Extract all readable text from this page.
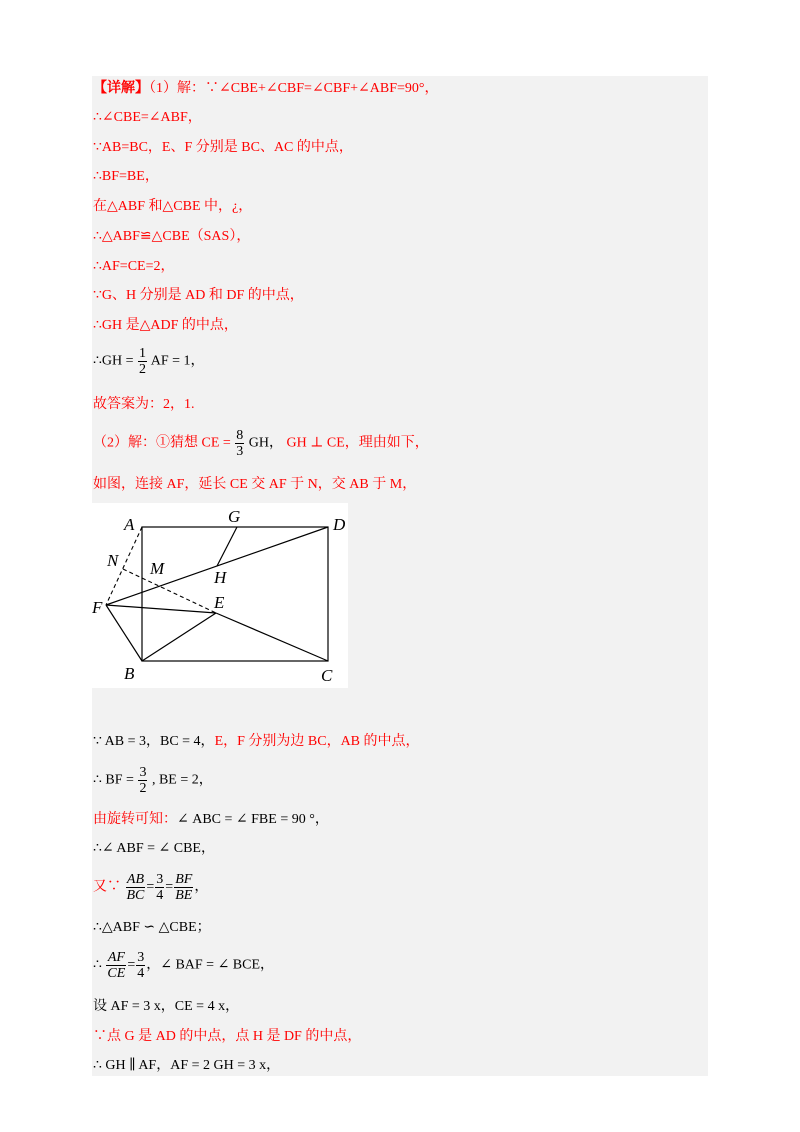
【详解】（1）解：∵∠CBE+∠CBF=∠CBF+∠ABF=90°，
∴∠CBE=∠ABF，
∵AB=BC，E、F 分别是 BC、AC 的中点，
∴BF=BE，
在△ABF 和△CBE 中，¿，
∴△ABF≌△CBE（SAS），
∴AF=CE=2，
∵G、H 分别是 AD 和 DF 的中点，
∴GH 是△ADF 的中点，
∴GH = $\frac{1}{2}$ AF = 1，
故答案为：2，1.
（2）解：①猜想 CE = $\frac{8}{3}$ GH， GH ⊥ CE，理由如下，
如图，连接 AF，延长 CE 交 AF 于 N，交 AB 于 M，
A	D
G
N M	H
F	E
B	C
∵ AB = 3，BC = 4，E，F 分别为边 BC，AB 的中点，
∴ BF = $\frac{3}{2}$ , BE = 2，
由旋转可知：∠ ABC = ∠ FBE = 90 °，
∴∠ ABF = ∠ CBE，
又∵ $\frac{AB}{BC} = \frac{3}{4} = \frac{BF}{BE}$ ，
∴△ABF ∽ △CBE；
∴ $\frac{AF}{CE} = \frac{3}{4}$ ，∠ BAF = ∠ BCE，
设 AF = 3 x，CE = 4 x，
∵点 G 是 AD 的中点，点 H 是 DF 的中点，
∴ GH ∥ AF，AF = 2 GH = 3 x，
